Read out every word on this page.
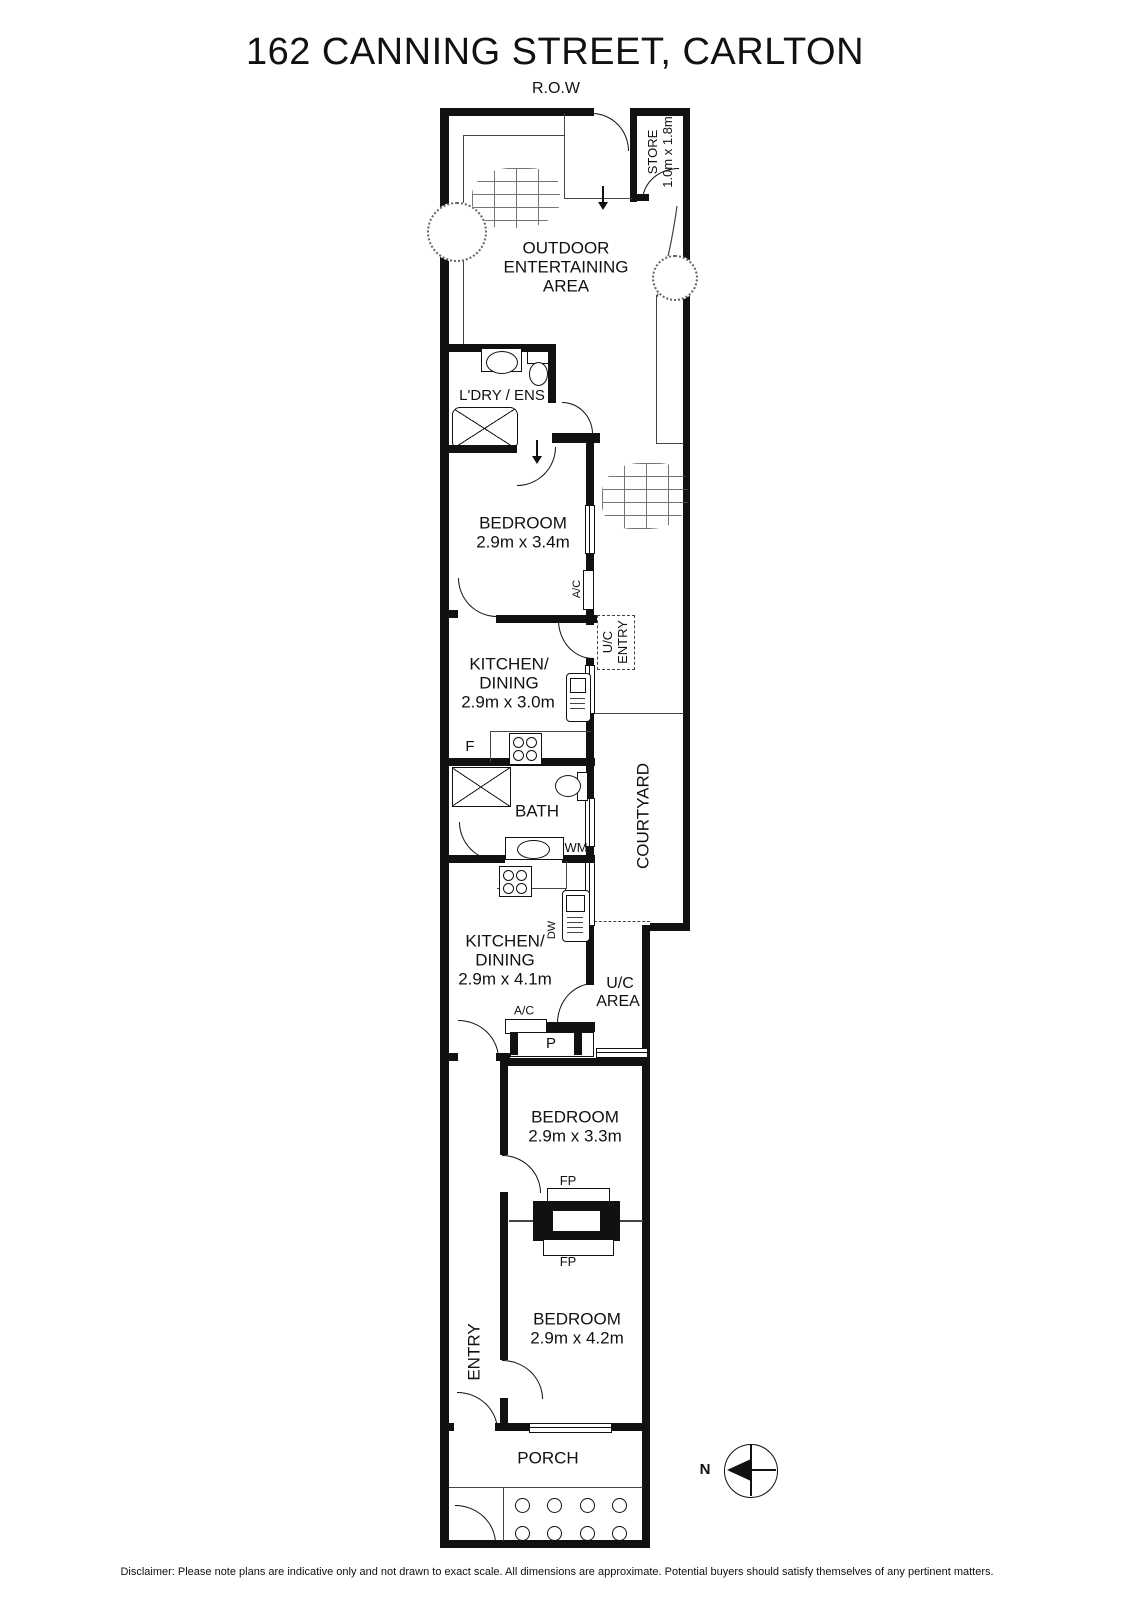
162 CANNING STREET, CARLTON
R.O.W
STORE 1.0m x 1.8m
OUTDOOR
ENTERTAINING
AREA
L'DRY / ENS
BEDROOM
2.9m x 3.4m
A/C
KITCHEN/
DINING
2.9m x 3.0m
U/C ENTRY
F
BATH
WM	COURTYARD
DW
KITCHEN/
DINING
2.9m x 4.1m	U/C
AREA
A/C
P
BEDROOM
2.9m x 3.3m
FP
FP
BEDROOM
2.9m x 4.2m
ENTRY
PORCH
N
Disclaimer: Please note plans are indicative only and not drawn to exact scale. All dimensions are approximate. Potential buyers should satisfy themselves of any pertinent matters.
